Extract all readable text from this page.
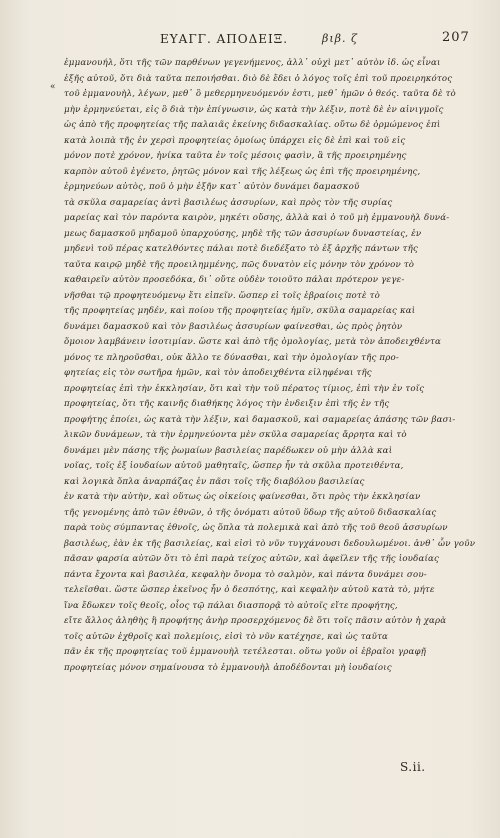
ΕΥΑΓΓ. ΑΠΟΔΕΙΞ.	βιβ. ζ	207
«
ἐμμανουήλ, ὅτι τῆς τῶν παρθένων γεγενήμενος, ἀλλ᾽ οὐχὶ μετ᾽ αὐτὸν ἰδ. ὡς εἶναι
ἑξῆς αὐτοῦ, ὅτι διὰ ταῦτα πεποιήσθαι. διὸ δὲ ἔδει ὁ λόγος τοῖς ἐπὶ τοῦ προειρηκότος
τοῦ ἐμμανουὴλ, λέγων, μεθ᾽ ὃ μεθερμηνευόμενόν ἐστι, μεθ᾽ ἡμῶν ὁ θεός. ταῦτα δὲ τὸ
μὴν ἑρμηνεύεται, εἰς ὃ διὰ τὴν ἐπίγνωσιν, ὡς κατὰ τὴν λέξιν, ποτὲ δὲ ἐν αἰνιγμοῖς
ὡς ἀπὸ τῆς προφητείας τῆς παλαιᾶς ἐκείνης διδασκαλίας. οὔτω δὲ ὁρμώμενος ἐπὶ
κατὰ λοιπὰ τῆς ἐν χερσὶ προφητείας ὁμοίως ὑπάρχει εἰς δὲ ἐπὶ καὶ τοῦ εἰς
μόνον ποτὲ χρόνον, ἡνίκα ταῦτα ἐν τοῖς μέσοις φασὶν, ἃ τῆς προειρημένης
καρπὸν αὐτοῦ ἐγένετο, ῥητῶς μόνον καὶ τῆς λέξεως ὡς ἐπὶ τῆς προειρημένης,
ἑρμηνεύων αὐτὸς, ποῦ ὁ μὴν ἐξῆν κατ᾽ αὐτὸν δυνάμει δαμασκοῦ
τὰ σκῦλα σαμαρείας ἀντὶ βασιλέως ἀσσυρίων, καὶ πρὸς τὸν τῆς συρίας
μαρείας καὶ τὸν παρόντα καιρὸν, μηκέτι οὔσης, ἀλλὰ καὶ ὁ τοῦ μὴ ἐμμανουὴλ δυνά-
μεως δαμασκοῦ μηδαμοῦ ὑπαρχούσης, μηδὲ τῆς τῶν ἀσσυρίων δυναστείας, ἐν
μηδενὶ τοῦ πέρας κατελθόντες πάλαι ποτὲ διεδέξατο τὸ ἐξ ἀρχῆς πάντων τῆς
ταῦτα καιρῷ μηδὲ τῆς προειλημμένης, πῶς δυνατὸν εἰς μόνην τὸν χρόνον τὸ
καθαιρεῖν αὐτὸν προσεδόκα, δι᾽ οὔτε οὐδὲν τοιοῦτο πάλαι πρότερον γεγε-
νῆσθαι τῷ προφητευόμενῳ ἔτι εἰπεῖν. ὥσπερ εἰ τοῖς ἑβραίοις ποτὲ τὸ
τῆς προφητείας μηδέν, καὶ ποίου τῆς προφητείας ἡμῖν, σκῦλα σαμαρείας καὶ
δυνάμει δαμασκοῦ καὶ τὸν βασιλέως ἀσσυρίων φαίνεσθαι, ὡς πρὸς ῥητὸν
ὅμοιον λαμβάνειν ἰσοτιμίαν. ὥστε καὶ ἀπὸ τῆς ὁμολογίας, μετὰ τὸν ἀποδειχθέντα
μόνος τε πληροῦσθαι, οὐκ ἄλλο τε δύνασθαι, καὶ τὴν ὁμολογίαν τῆς προ-
φητείας εἰς τὸν σωτῆρα ἡμῶν, καὶ τὸν ἀποδειχθέντα εἰληφέναι τῆς
προφητείας ἐπὶ τὴν ἐκκλησίαν, ὅτι καὶ τὴν τοῦ πέρατος τίμιος, ἐπὶ τὴν ἐν τοῖς
προφητείας, ὅτι τῆς καινῆς διαθήκης λόγος τὴν ἑνδειξιν ἐπὶ τῆς ἐν τῆς
προφήτης ἐποίει, ὡς κατὰ τὴν λέξιν, καὶ δαμασκοῦ, καὶ σαμαρείας ἁπάσης τῶν βασι-
λικῶν δυνάμεων, τὰ τὴν ἑρμηνεύοντα μὲν σκῦλα σαμαρείας ἄρρητα καὶ τὸ
δυνάμει μὲν πάσης τῆς ῥωμαίων βασιλείας παρέδωκεν οὐ μὴν ἀλλὰ καὶ
νοῖας, τοῖς ἐξ ἰουδαίων αὐτοῦ μαθηταῖς, ὥσπερ ἦν τὰ σκῦλα προτειθέντα,
καὶ λογικὰ ὅπλα ἀναρπάζας ἐν πᾶσι τοῖς τῆς διαβόλου βασιλείας
ἐν κατὰ τὴν αὐτὴν, καὶ οὕτως ὡς οἰκείοις φαίνεσθαι, ὅτι πρὸς τὴν ἐκκλησίαν
τῆς γενομένης ἀπὸ τῶν ἐθνῶν, ὁ τῆς ὀνόματι αὐτοῦ ὕδωρ τῆς αὐτοῦ διδασκαλίας
παρὰ τοὺς σύμπαντας ἐθνοῖς, ὡς ὅπλα τὰ πολεμικὰ καὶ ἀπὸ τῆς τοῦ θεοῦ ἀσσυρίων
βασιλέως, ἐὰν ἐκ τῆς βασιλείας, καὶ εἰσὶ τὸ νῦν τυγχάνουσι δεδουλωμένοι. ἀνθ᾽ ὧν γοῦν
πᾶσαν φαρσία αὐτῶν ὅτι τὸ ἐπὶ παρὰ τείχος αὐτῶν, καὶ ἀφεῖλεν τῆς τῆς ἰουδαίας
πάντα ἔχοντα καὶ βασιλέα, κεφαλὴν ὄνομα τὸ σαλμὸν, καὶ πάντα δυνάμει σου-
τελεῖσθαι. ὥστε ὥσπερ ἐκεῖνος ἦν ὁ δεσπότης, καὶ κεφαλὴν αὐτοῦ κατὰ τὸ, μήτε
ἵνα ἔδωκεν τοῖς θεοῖς, οἷος τῷ πάλαι διασπορᾷ τὸ αὐτοῖς εἴτε προφήτης,
εἴτε ἄλλος ἀληθὴς ἢ προφήτης ἀνὴρ προσερχόμενος δὲ ὅτι τοῖς πᾶσιν αὐτὸν ἡ χαρὰ
τοῖς αὐτῶν ἐχθροῖς καὶ πολεμίοις, εἰσὶ τὸ νῦν κατέχησε, καὶ ὡς ταῦτα
πᾶν ἐκ τῆς προφητείας τοῦ ἐμμανουὴλ τετέλεσται. οὕτω γοῦν οἱ ἑβραῖοι γραφῇ
προφητείας μόνον σημαίνουσα τὸ ἐμμανουὴλ ἀποδέδονται μὴ ἰουδαίοις
S.ii.
